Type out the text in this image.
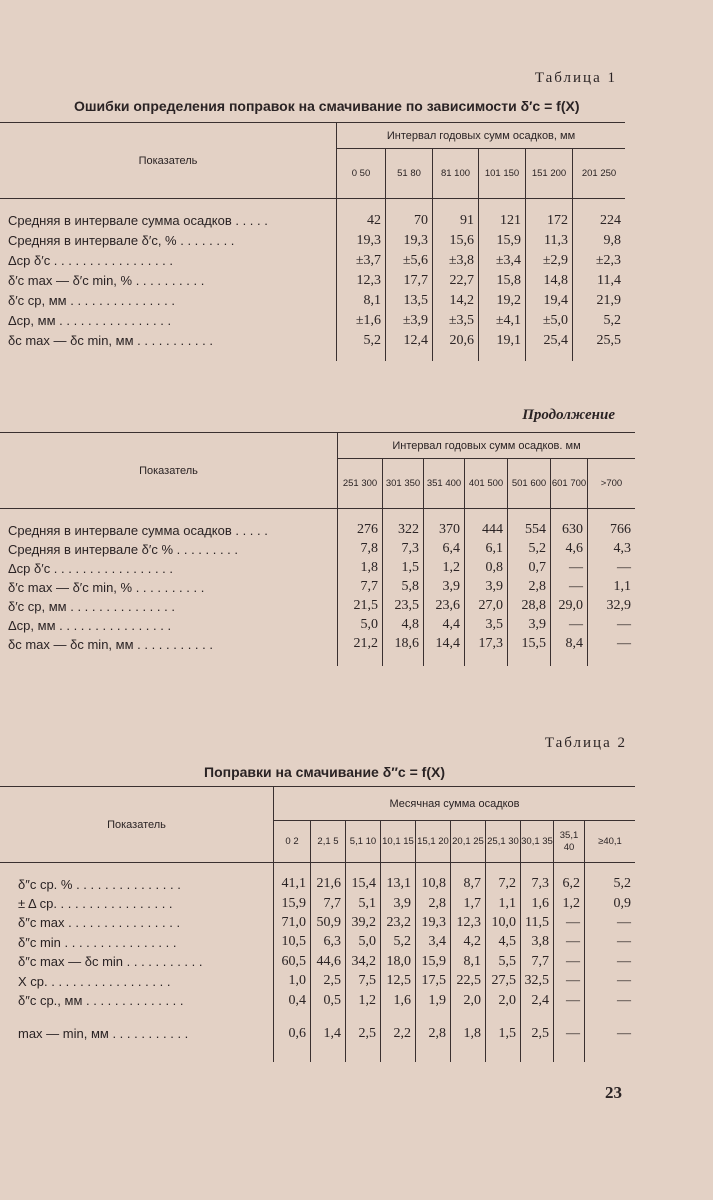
Таблица 1
Ошибки определения поправок на смачивание по зависимости δ′c = f(X)
Показатель	Интервал годовых сумм осадков, мм					
	0 50	51 80	81 100	101 150	151 200	201 250

Средняя в интервале сумма осадков . . . . .	42	70	91	121	172	224
Средняя в интервале δ′c, % . . . . . . . .	19,3	19,3	15,6	15,9	11,3	9,8
Δср δ′c . . . . . . . . . . . . . . . . .	±3,7	±5,6	±3,8	±3,4	±2,9	±2,3
δ′c max — δ′c min, % . . . . . . . . . .	12,3	17,7	22,7	15,8	14,8	11,4
δ′c ср, мм . . . . . . . . . . . . . . .	8,1	13,5	14,2	19,2	19,4	21,9
Δср, мм . . . . . . . . . . . . . . . .	±1,6	±3,9	±3,5	±4,1	±5,0	5,2
δc max — δc min, мм . . . . . . . . . . .	5,2	12,4	20,6	19,1	25,4	25,5

Продолжение
Показатель	Интервал годовых сумм осадков. мм						
	251 300	301 350	351 400	401 500	501 600	601 700	>700

Средняя в интервале сумма осадков . . . . .	276	322	370	444	554	630	766
Средняя в интервале δ′c % . . . . . . . . .	7,8	7,3	6,4	6,1	5,2	4,6	4,3
Δср δ′c . . . . . . . . . . . . . . . . .	1,8	1,5	1,2	0,8	0,7	—	—
δ′c max — δ′c min, % . . . . . . . . . .	7,7	5,8	3,9	3,9	2,8	—	1,1
δ′c ср, мм . . . . . . . . . . . . . . .	21,5	23,5	23,6	27,0	28,8	29,0	32,9
Δср, мм . . . . . . . . . . . . . . . .	5,0	4,8	4,4	3,5	3,9	—	—
δc max — δc min, мм . . . . . . . . . . .	21,2	18,6	14,4	17,3	15,5	8,4	—

Таблица 2
Поправки на смачивание δ″c = f(X)
Показатель	Месячная сумма осадков									
	0 2	2,1 5	5,1 10	10,1 15	15,1 20	20,1 25	25,1 30	30,1 35	35,1 40	≥40,1

δ″c ср. % . . . . . . . . . . . . . . .	41,1	21,6	15,4	13,1	10,8	8,7	7,2	7,3	6,2	5,2
± Δ ср. . . . . . . . . . . . . . . . .	15,9	7,7	5,1	3,9	2,8	1,7	1,1	1,6	1,2	0,9
δ″c max . . . . . . . . . . . . . . . .	71,0	50,9	39,2	23,2	19,3	12,3	10,0	11,5	—	—
δ″c min . . . . . . . . . . . . . . . .	10,5	6,3	5,0	5,2	3,4	4,2	4,5	3,8	—	—
δ″c max — δc min . . . . . . . . . . .	60,5	44,6	34,2	18,0	15,9	8,1	5,5	7,7	—	—
X ср. . . . . . . . . . . . . . . . . .	1,0	2,5	7,5	12,5	17,5	22,5	27,5	32,5	—	—
δ″c ср., мм . . . . . . . . . . . . . .	0,4	0,5	1,2	1,6	1,9	2,0	2,0	2,4	—	—

max — min, мм . . . . . . . . . . .	0,6	1,4	2,5	2,2	2,8	1,8	1,5	2,5	—	—

23
